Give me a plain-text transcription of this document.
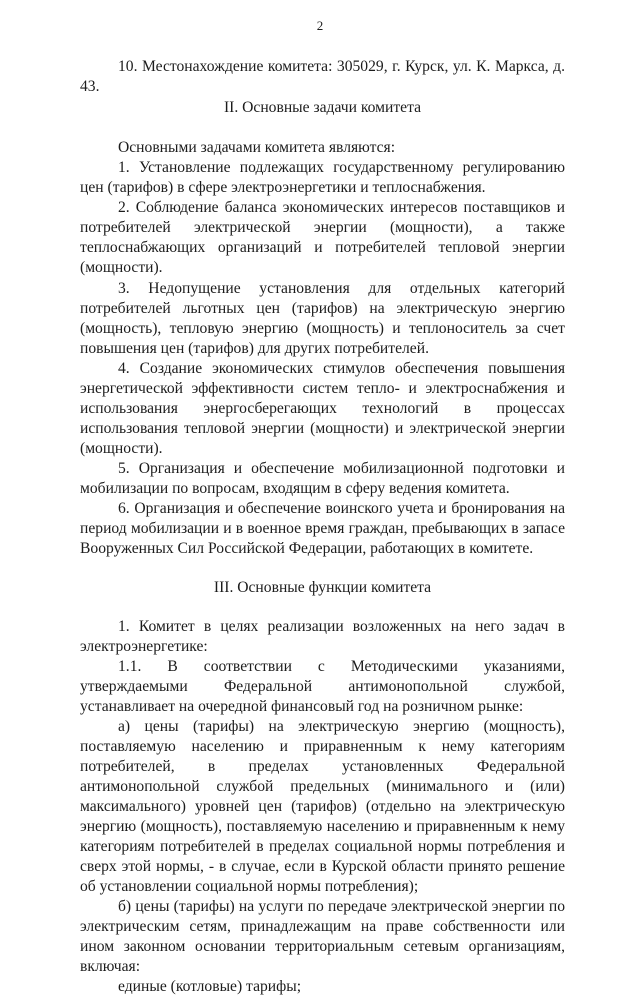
2

10. Местонахождение комитета: 305029, г. Курск, ул. К. Маркса, д. 43.

II. Основные задачи комитета

Основными задачами комитета являются:

1. Установление подлежащих государственному регулированию цен (тарифов) в сфере электроэнергетики и теплоснабжения.

2. Соблюдение баланса экономических интересов поставщиков и потребителей электрической энергии (мощности), а также теплоснабжающих организаций и потребителей тепловой энергии (мощности).

3. Недопущение установления для отдельных категорий потребителей льготных цен (тарифов) на электрическую энергию (мощность), тепловую энергию (мощность) и теплоноситель за счет повышения цен (тарифов) для других потребителей.

4. Создание экономических стимулов обеспечения повышения энергетической эффективности систем тепло- и электроснабжения и использования энергосберегающих технологий в процессах использования тепловой энергии (мощности) и электрической энергии (мощности).

5. Организация и обеспечение мобилизационной подготовки и мобилизации по вопросам, входящим в сферу ведения комитета.

6. Организация и обеспечение воинского учета и бронирования на период мобилизации и в военное время граждан, пребывающих в запасе Вооруженных Сил Российской Федерации, работающих в комитете.

III. Основные функции комитета

1. Комитет в целях реализации возложенных на него задач в электроэнергетике:

1.1. В соответствии с Методическими указаниями, утверждаемыми Федеральной антимонопольной службой, устанавливает на очередной финансовый год на розничном рынке:

а) цены (тарифы) на электрическую энергию (мощность), поставляемую населению и приравненным к нему категориям потребителей, в пределах установленных Федеральной антимонопольной службой предельных (минимального и (или) максимального) уровней цен (тарифов) (отдельно на электрическую энергию (мощность), поставляемую населению и приравненным к нему категориям потребителей в пределах социальной нормы потребления и сверх этой нормы, - в случае, если в Курской области принято решение об установлении социальной нормы потребления);

б) цены (тарифы) на услуги по передаче электрической энергии по электрическим сетям, принадлежащим на праве собственности или ином законном основании территориальным сетевым организациям, включая:

единые (котловые) тарифы;
